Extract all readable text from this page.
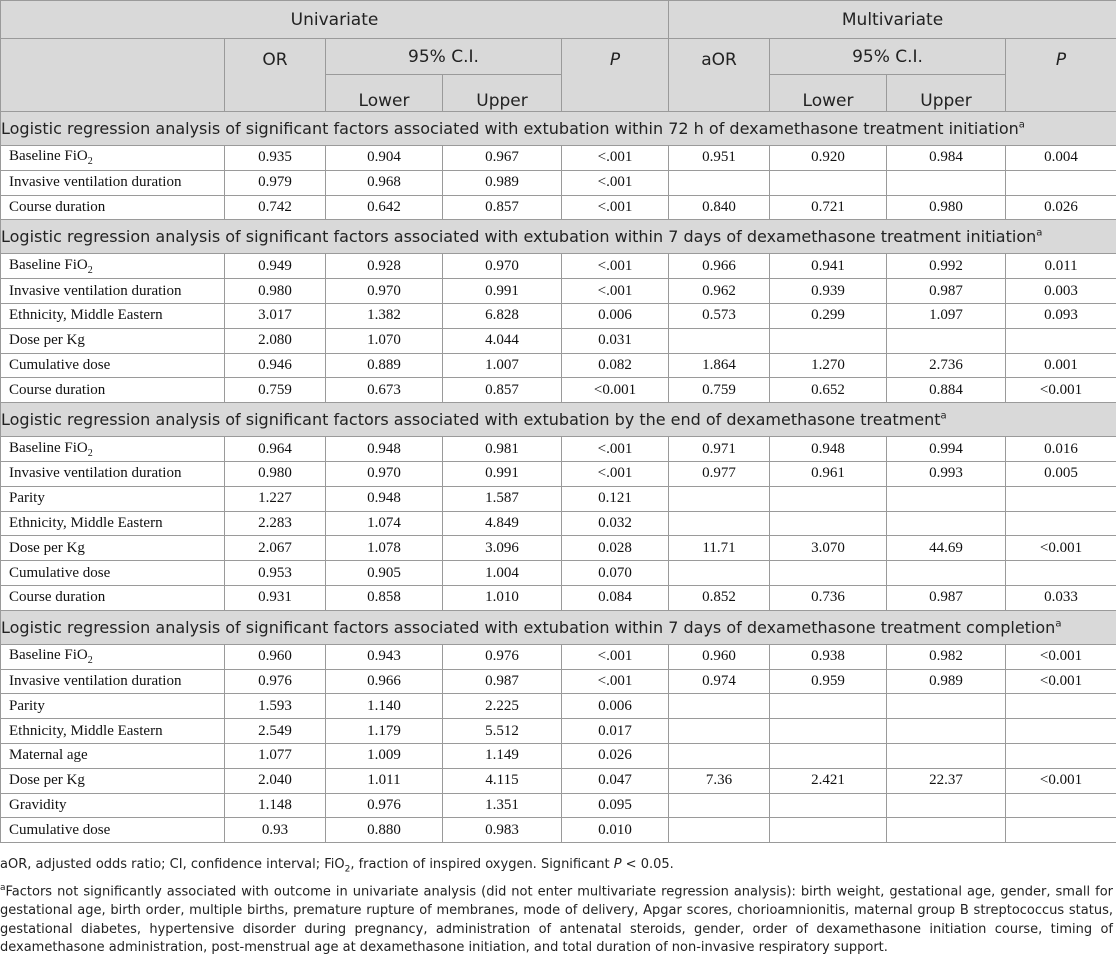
Univariate					Multivariate			
	OR	95% C.I.		P	aOR	95% C.I.		P
		Lower	Upper			Lower	Upper	
Logistic regression analysis of significant factors associated with extubation within 72 h of dexamethasone treatment initiation$^a$
Baseline FiO$_2$	0.935	0.904	0.967	<.001	0.951	0.920	0.984	0.004
Invasive ventilation duration	0.979	0.968	0.989	<.001				
Course duration	0.742	0.642	0.857	<.001	0.840	0.721	0.980	0.026
Logistic regression analysis of significant factors associated with extubation within 7 days of dexamethasone treatment initiation$^a$
Baseline FiO$_2$	0.949	0.928	0.970	<.001	0.966	0.941	0.992	0.011
Invasive ventilation duration	0.980	0.970	0.991	<.001	0.962	0.939	0.987	0.003
Ethnicity, Middle Eastern	3.017	1.382	6.828	0.006	0.573	0.299	1.097	0.093
Dose per Kg	2.080	1.070	4.044	0.031				
Cumulative dose	0.946	0.889	1.007	0.082	1.864	1.270	2.736	0.001
Course duration	0.759	0.673	0.857	<0.001	0.759	0.652	0.884	<0.001
Logistic regression analysis of significant factors associated with extubation by the end of dexamethasone treatment$^a$
Baseline FiO$_2$	0.964	0.948	0.981	<.001	0.971	0.948	0.994	0.016
Invasive ventilation duration	0.980	0.970	0.991	<.001	0.977	0.961	0.993	0.005
Parity	1.227	0.948	1.587	0.121				
Ethnicity, Middle Eastern	2.283	1.074	4.849	0.032				
Dose per Kg	2.067	1.078	3.096	0.028	11.71	3.070	44.69	<0.001
Cumulative dose	0.953	0.905	1.004	0.070				
Course duration	0.931	0.858	1.010	0.084	0.852	0.736	0.987	0.033
Logistic regression analysis of significant factors associated with extubation within 7 days of dexamethasone treatment completion$^a$
Baseline FiO$_2$	0.960	0.943	0.976	<.001	0.960	0.938	0.982	<0.001
Invasive ventilation duration	0.976	0.966	0.987	<.001	0.974	0.959	0.989	<0.001
Parity	1.593	1.140	2.225	0.006				
Ethnicity, Middle Eastern	2.549	1.179	5.512	0.017				
Maternal age	1.077	1.009	1.149	0.026				
Dose per Kg	2.040	1.011	4.115	0.047	7.36	2.421	22.37	<0.001
Gravidity	1.148	0.976	1.351	0.095				
Cumulative dose	0.93	0.880	0.983	0.010				

aOR, adjusted odds ratio; CI, confidence interval; FiO$_2$, fraction of inspired oxygen. Significant P < 0.05.

$^a$Factors not significantly associated with outcome in univariate analysis (did not enter multivariate regression analysis): birth weight, gestational age, gender, small for gestational age, birth order, multiple births, premature rupture of membranes, mode of delivery, Apgar scores, chorioamnionitis, maternal group B streptococcus status, gestational diabetes, hypertensive disorder during pregnancy, administration of antenatal steroids, gender, order of dexamethasone initiation course, timing of dexamethasone administration, post-menstrual age at dexamethasone initiation, and total duration of non-invasive respiratory support.
